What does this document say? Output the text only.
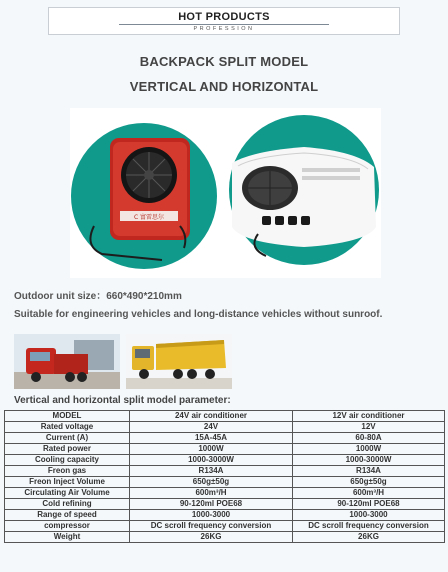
HOT PRODUCTS
PROFESSION
BACKPACK SPLIT MODEL
VERTICAL AND HORIZONTAL
C 富雷思尔
Outdoor unit size：660*490*210mm
Suitable for engineering vehicles and long-distance vehicles without sunroof.
Vertical and horizontal split model parameter:
MODEL	24V air conditioner	12V air conditioner
Rated voltage	24V	12V
Current (A)	15A-45A	60-80A
Rated power	1000W	1000W
Cooling capacity	1000-3000W	1000-3000W
Freon gas	R134A	R134A
Freon Inject Volume	650g±50g	650g±50g
Circulating Air Volume	600m³/H	600m³/H
Cold refining	90-120ml POE68	90-120ml POE68
Range of speed	1000-3000	1000-3000
compressor	DC scroll frequency conversion	DC scroll frequency conversion
Weight	26KG	26KG
